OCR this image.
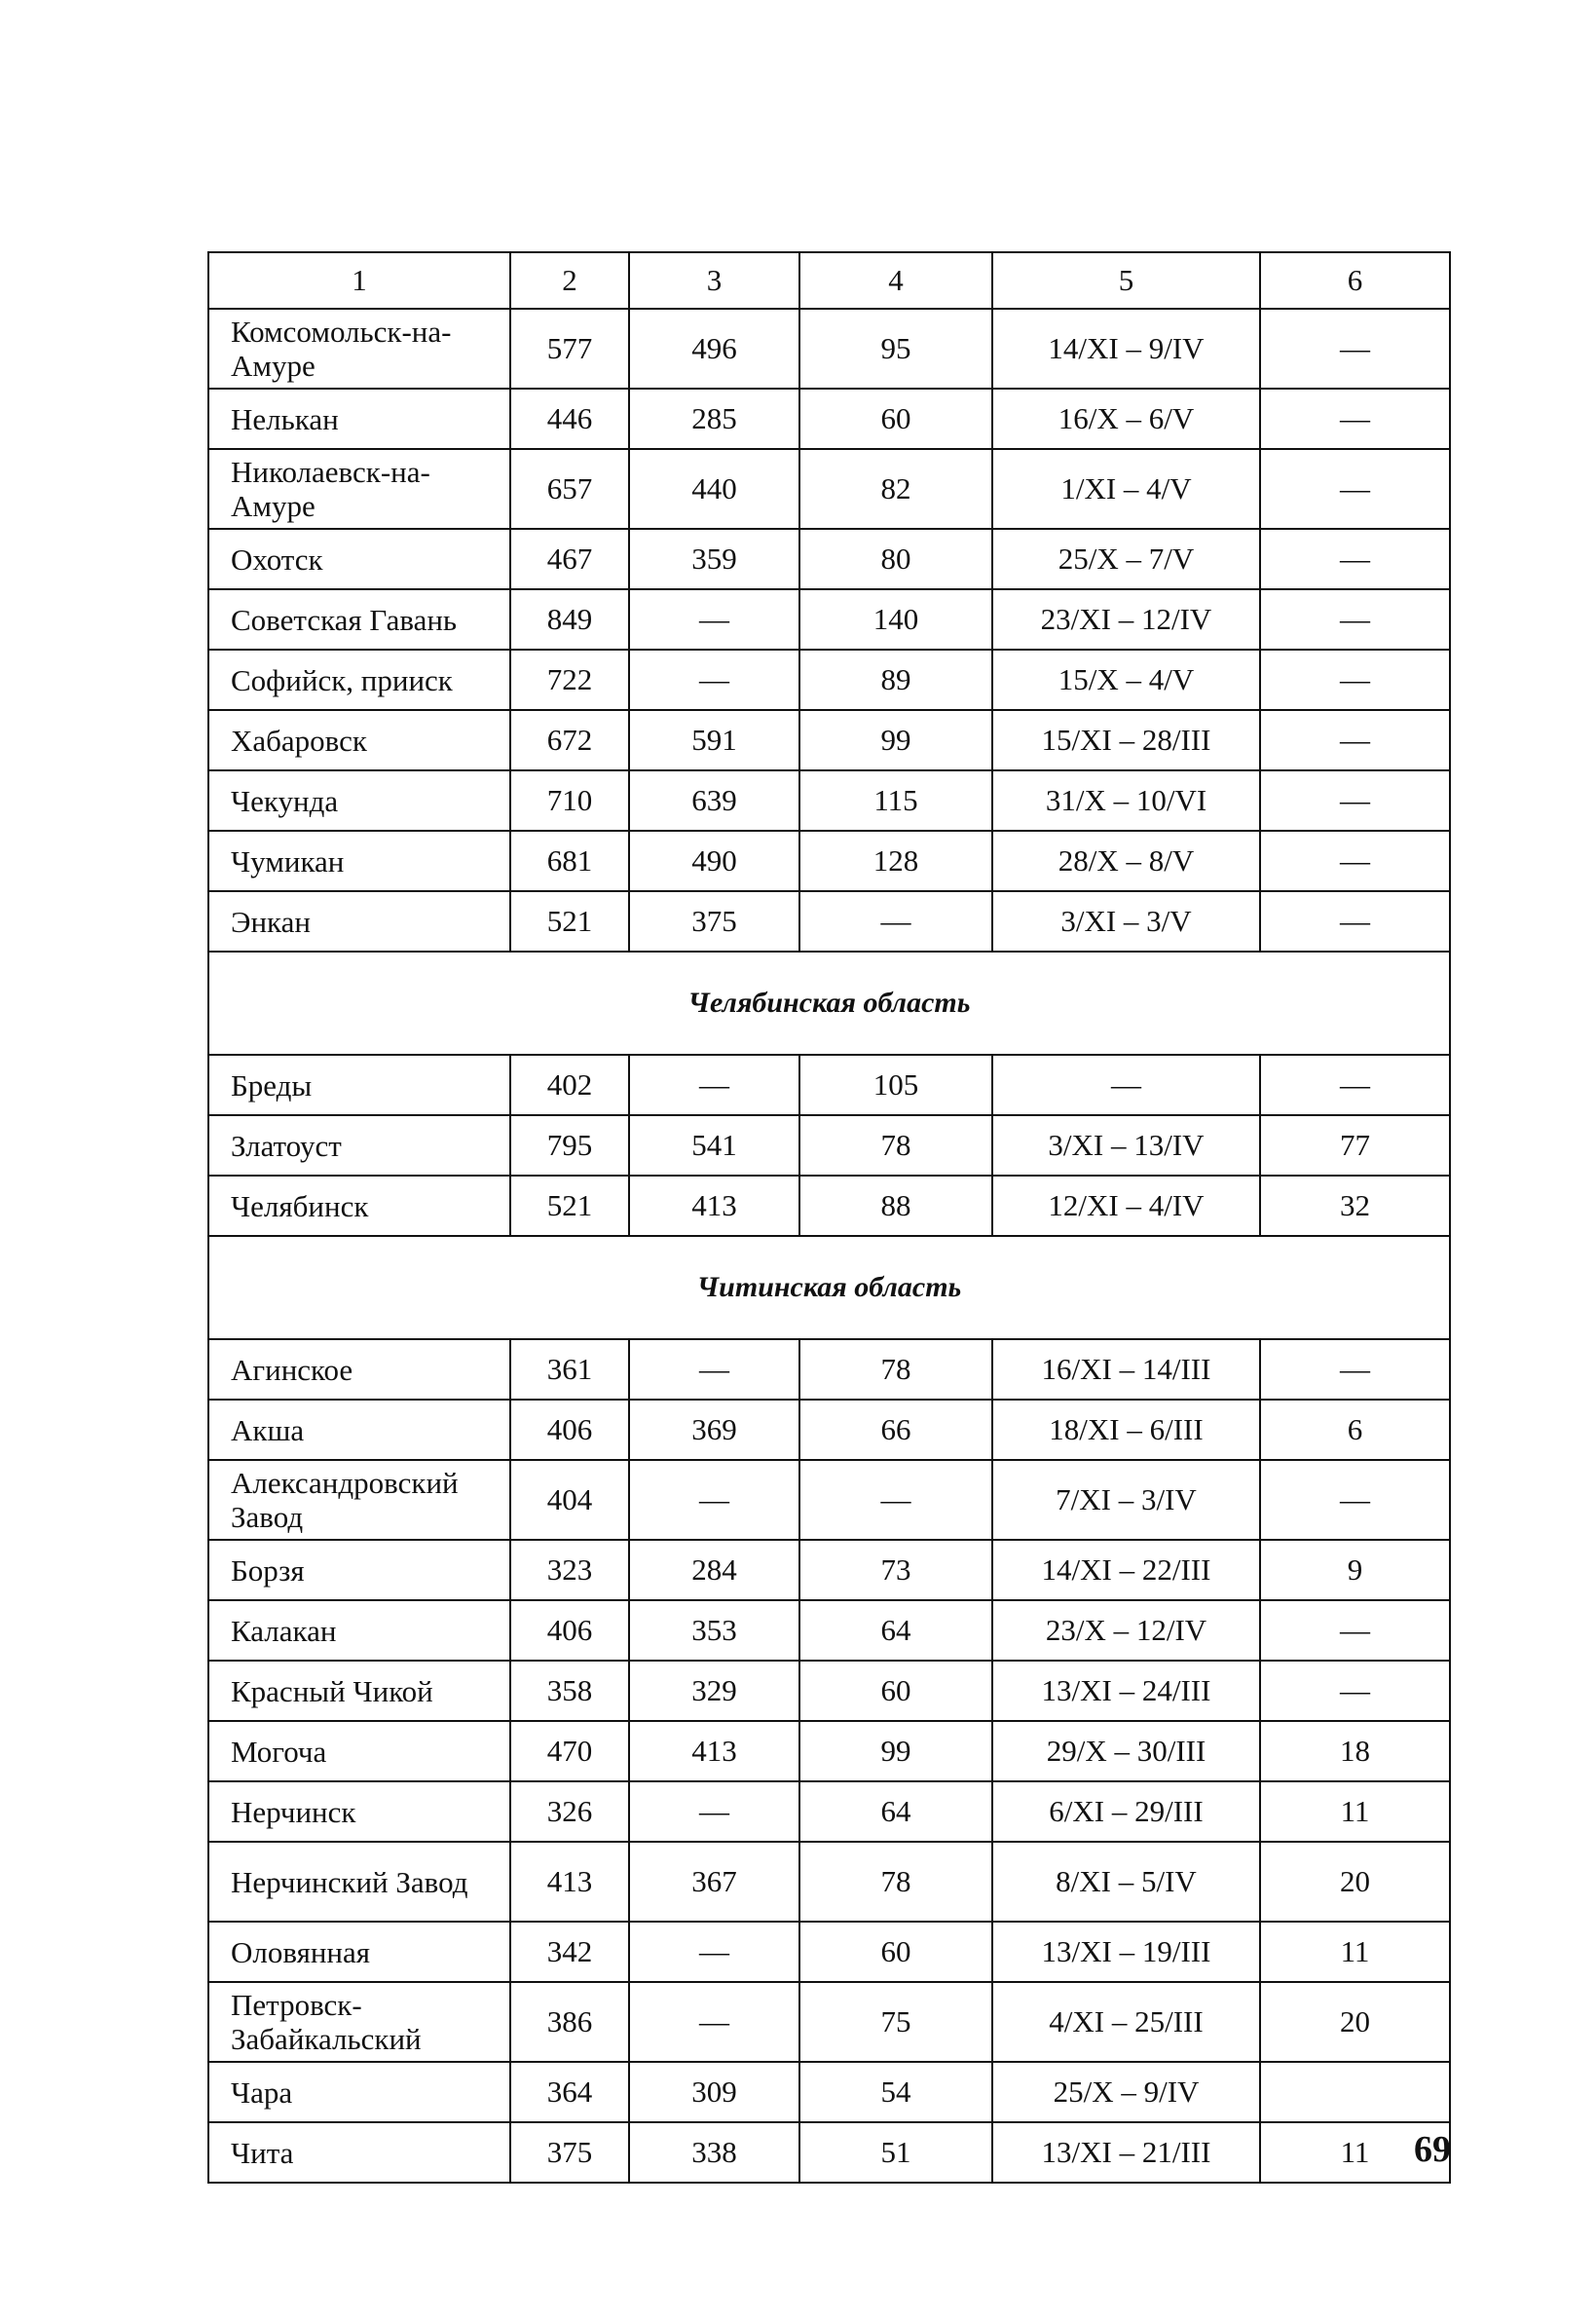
1	2	3	4	5	6
Комсомольск-на-Амуре	577	496	95	14/XI – 9/IV	—
Нелькан	446	285	60	16/X – 6/V	—
Николаевск-на-Амуре	657	440	82	1/XI – 4/V	—
Охотск	467	359	80	25/X – 7/V	—
Советская Гавань	849	—	140	23/XI – 12/IV	—
Софийск, прииск	722	—	89	15/X – 4/V	—
Хабаровск	672	591	99	15/XI – 28/III	—
Чекунда	710	639	115	31/X – 10/VI	—
Чумикан	681	490	128	28/X – 8/V	—
Энкан	521	375	—	3/XI – 3/V	—
Челябинская область					
Бреды	402	—	105	—	—
Златоуст	795	541	78	3/XI – 13/IV	77
Челябинск	521	413	88	12/XI – 4/IV	32
Читинская область					
Агинское	361	—	78	16/XI – 14/III	—
Акша	406	369	66	18/XI – 6/III	6
Александровский Завод	404	—	—	7/XI – 3/IV	—
Борзя	323	284	73	14/XI – 22/III	9
Калакан	406	353	64	23/X – 12/IV	—
Красный Чикой	358	329	60	13/XI – 24/III	—
Могоча	470	413	99	29/X – 30/III	18
Нерчинск	326	—	64	6/XI – 29/III	11
Нерчинский Завод	413	367	78	8/XI – 5/IV	20
Оловянная	342	—	60	13/XI – 19/III	11
Петровск-Забайкальский	386	—	75	4/XI – 25/III	20
Чара	364	309	54	25/X – 9/IV	
Чита	375	338	51	13/XI – 21/III	11 69
